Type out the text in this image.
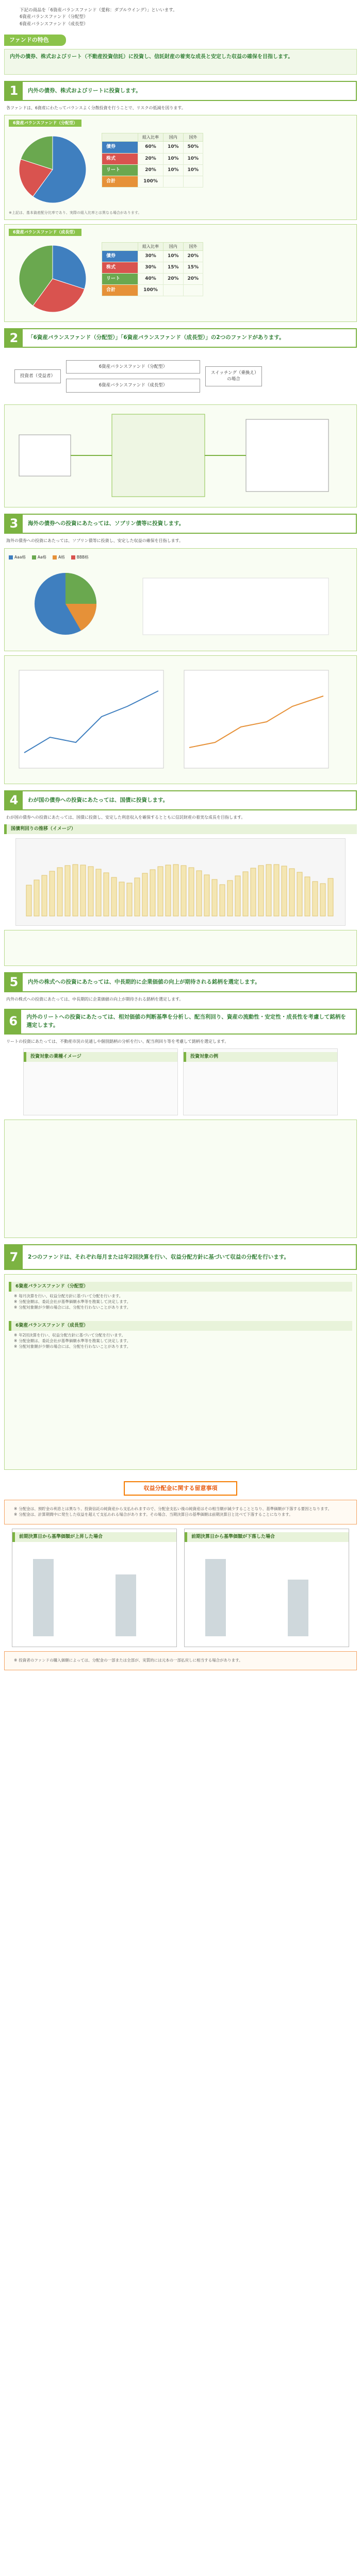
下記の商品を「6資産バランスファンド（愛称：ダブルウイング）」といいます。
6資産バランスファンド（分配型）
6資産バランスファンド（成長型）
ファンドの特色
内外の債券、株式およびリート（不動産投資信託）に投資し、信託財産の着実な成長と安定した収益の確保を目指します。
1	内外の債券、株式およびリートに投資します。
各ファンドは、6資産にわたってバランスよく分散投資を行うことで、リスクの低減を図ります。
6資産バランスファンド（分配型）
	組入比率	国内	国外
債券	60%	10%	50%
株式	20%	10%	10%
リート	20%	10%	10%
合計	100%		
※上記は、基本資産配分比率であり、実際の組入比率とは異なる場合があります。
6資産バランスファンド（成長型）
	組入比率	国内	国外
債券	30%	10%	20%
株式	30%	15%	15%
リート	40%	20%	20%
合計	100%		
2	「6資産バランスファンド（分配型）」「6資産バランスファンド（成長型）」の2つのファンドがあります。
投資者（受益者）
6資産バランスファンド（分配型）
6資産バランスファンド（成長型）
スイッチング（乗換え）の場合
3	海外の債券への投資にあたっては、ソブリン債等に投資します。
海外の債券への投資にあたっては、ソブリン債等に投資し、安定した収益の確保を目指します。
Aaa格	Aa格	A格	BBB格
4	わが国の債券への投資にあたっては、国債に投資します。
わが国の債券への投資にあたっては、国債に投資し、安定した利息収入を確保するとともに信託財産の着実な成長を目指します。
国債利回りの推移（イメージ）
5	内外の株式への投資にあたっては、中長期的に企業価値の向上が期待される銘柄を選定します。
内外の株式への投資にあたっては、中長期的に企業価値の向上が期待される銘柄を選定します。
6	内外のリートへの投資にあたっては、相対価値の判断基準を分析し、配当利回り、資産の流動性・安定性・成長性を考慮して銘柄を選定します。
リートの投資にあたっては、不動産市況の見通しや個別銘柄の分析を行い、配当利回り等を考慮して銘柄を選定します。
投資対象の業種イメージ	投資対象の例
7	2つのファンドは、それぞれ毎月または年2回決算を行い、収益分配方針に基づいて収益の分配を行います。
6資産バランスファンド（分配型）
※ 毎月決算を行い、収益分配方針に基づいて分配を行います。
※ 分配金額は、委託会社が基準価額水準等を勘案して決定します。
※ 分配対象額が少額の場合には、分配を行わないことがあります。
6資産バランスファンド（成長型）
※ 年2回決算を行い、収益分配方針に基づいて分配を行います。
※ 分配金額は、委託会社が基準価額水準等を勘案して決定します。
※ 分配対象額が少額の場合には、分配を行わないことがあります。
収益分配金に関する留意事項
※ 分配金は、預貯金の利息とは異なり、投資信託の純資産から支払われますので、分配金支払い後の純資産はその相当額が減少することとなり、基準価額が下落する要因となります。
※ 分配金は、計算期間中に発生した収益を超えて支払われる場合があります。その場合、当期決算日の基準価額は前期決算日と比べて下落することになります。
前期決算日から基準価額が上昇した場合	前期決算日から基準価額が下落した場合
※ 投資者のファンドの購入価額によっては、分配金の一部または全部が、実質的には元本の一部払戻しに相当する場合があります。
